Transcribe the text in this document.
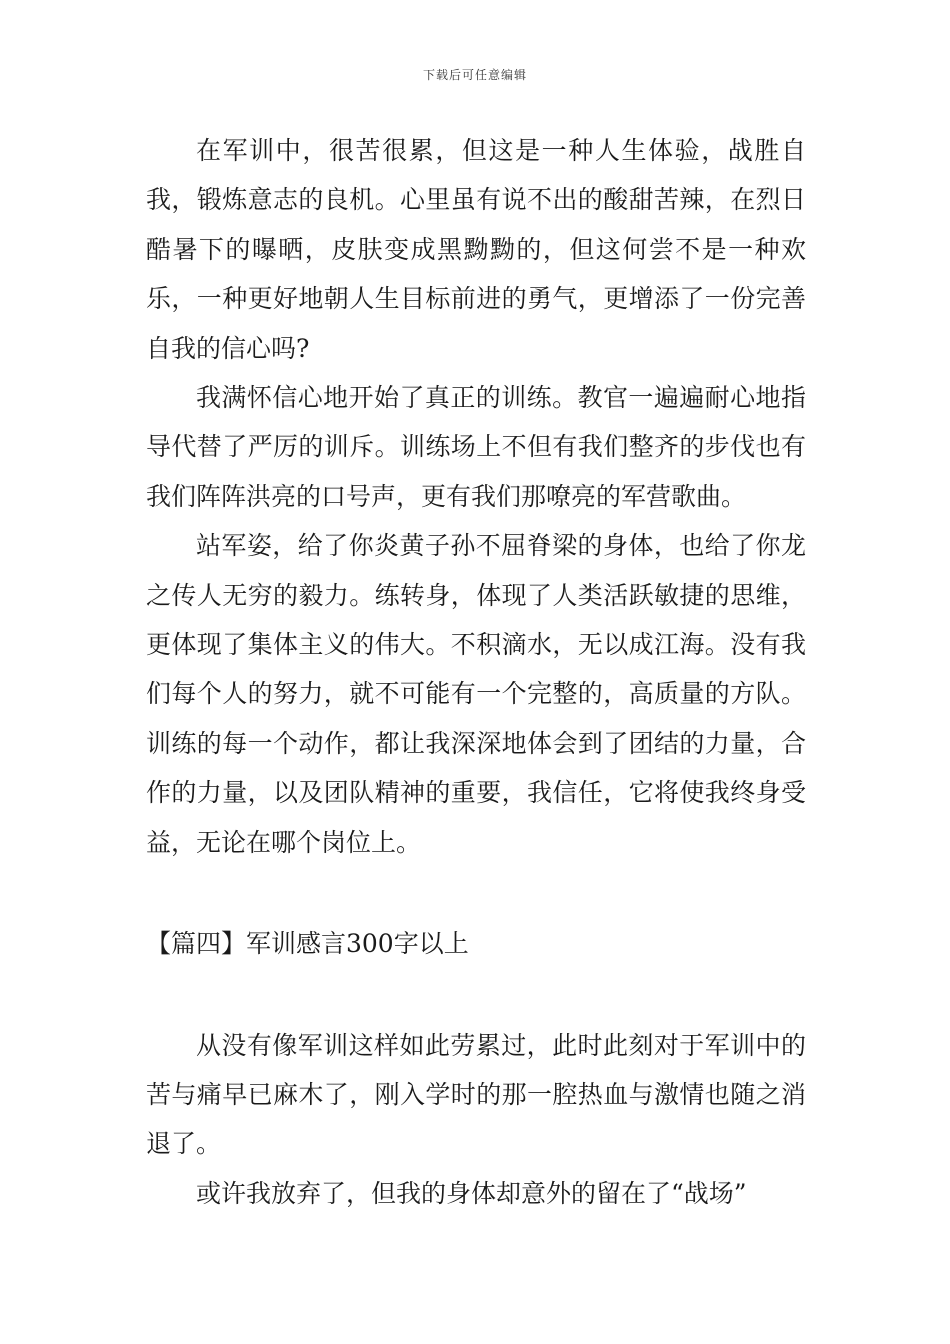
下载后可任意编辑

在军训中，很苦很累，但这是一种人生体验，战胜自我，锻炼意志的良机。心里虽有说不出的酸甜苦辣，在烈日酷暑下的曝晒，皮肤变成黑黝黝的，但这何尝不是一种欢乐，一种更好地朝人生目标前进的勇气，更增添了一份完善自我的信心吗?

我满怀信心地开始了真正的训练。教官一遍遍耐心地指导代替了严厉的训斥。训练场上不但有我们整齐的步伐也有我们阵阵洪亮的口号声，更有我们那嘹亮的军营歌曲。

站军姿，给了你炎黄子孙不屈脊梁的身体，也给了你龙之传人无穷的毅力。练转身，体现了人类活跃敏捷的思维，更体现了集体主义的伟大。不积滴水，无以成江海。没有我们每个人的努力，就不可能有一个完整的，高质量的方队。训练的每一个动作，都让我深深地体会到了团结的力量，合作的力量，以及团队精神的重要，我信任，它将使我终身受益，无论在哪个岗位上。

【篇四】军训感言300字以上

从没有像军训这样如此劳累过，此时此刻对于军训中的苦与痛早已麻木了，刚入学时的那一腔热血与激情也随之消退了。

或许我放弃了，但我的身体却意外的留在了“战场”
